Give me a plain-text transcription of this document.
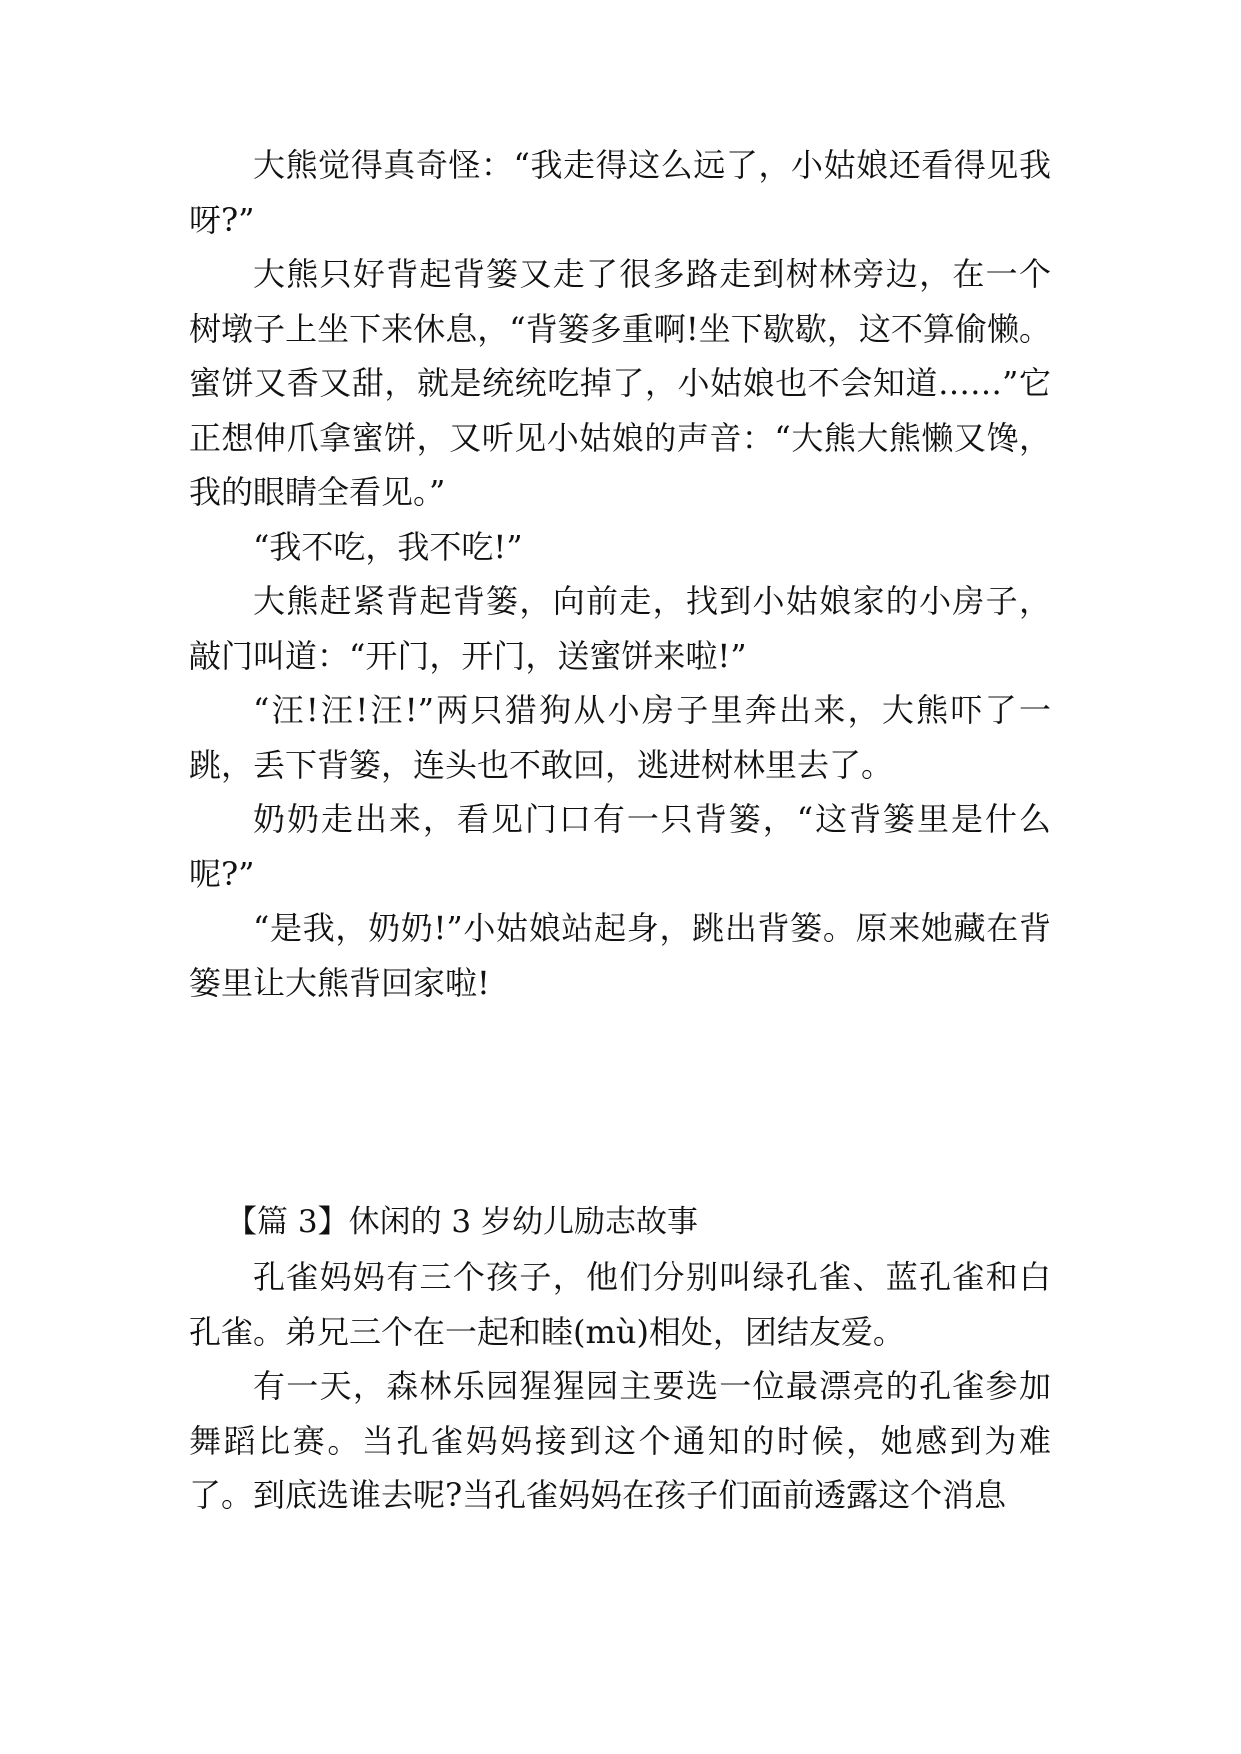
大熊觉得真奇怪：“我走得这么远了，小姑娘还看得见我呀?”

大熊只好背起背篓又走了很多路走到树林旁边，在一个树墩子上坐下来休息，“背篓多重啊!坐下歇歇，这不算偷懒。蜜饼又香又甜，就是统统吃掉了，小姑娘也不会知道……”它正想伸爪拿蜜饼，又听见小姑娘的声音：“大熊大熊懒又馋，我的眼睛全看见。”

“我不吃，我不吃!”

大熊赶紧背起背篓，向前走，找到小姑娘家的小房子，敲门叫道：“开门，开门，送蜜饼来啦!”

“汪!汪!汪!”两只猎狗从小房子里奔出来，大熊吓了一跳，丢下背篓，连头也不敢回，逃进树林里去了。

奶奶走出来，看见门口有一只背篓，“这背篓里是什么呢?”

“是我，奶奶!”小姑娘站起身，跳出背篓。原来她藏在背篓里让大熊背回家啦!

【篇 3】休闲的 3 岁幼儿励志故事

孔雀妈妈有三个孩子，他们分别叫绿孔雀、蓝孔雀和白孔雀。弟兄三个在一起和睦(mù)相处，团结友爱。

有一天，森林乐园猩猩园主要选一位最漂亮的孔雀参加舞蹈比赛。当孔雀妈妈接到这个通知的时候，她感到为难了。到底选谁去呢?当孔雀妈妈在孩子们面前透露这个消息
